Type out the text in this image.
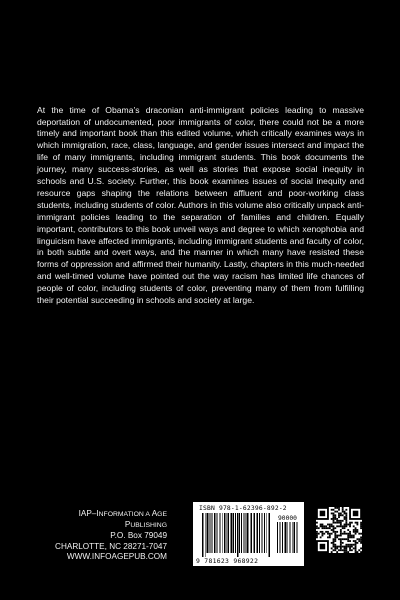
At the time of Obama’s draconian anti-immigrant policies leading to massive deportation of undocumented, poor immigrants of color, there could not be a more timely and important book than this edited volume, which critically examines ways in which immigration, race, class, language, and gender issues intersect and impact the life of many immigrants, including immigrant students. This book documents the journey, many success-stories, as well as stories that expose social inequity in schools and U.S. society. Further, this book examines issues of social inequity and resource gaps shaping the relations between affluent and poor-working class students, including students of color. Authors in this volume also critically unpack anti-immigrant policies leading to the separation of families and children. Equally important, contributors to this book unveil ways and degree to which xenophobia and linguicism have affected immigrants, including immigrant students and faculty of color, in both subtle and overt ways, and the manner in which many have resisted these forms of oppression and affirmed their humanity. Lastly, chapters in this much-needed and well-timed volume have pointed out the way racism has limited life chances of people of color, including students of color, preventing many of them from fulfilling their potential succeeding in schools and society at large.

IAP–INFORMATION A AGE PUBLISHING
P.O. Box 79049
CHARLOTTE, NC 28271-7047
WWW.INFOAGEPUB.COM
ISBN 978-1-62396-892-2
90000
9 781623 968922
